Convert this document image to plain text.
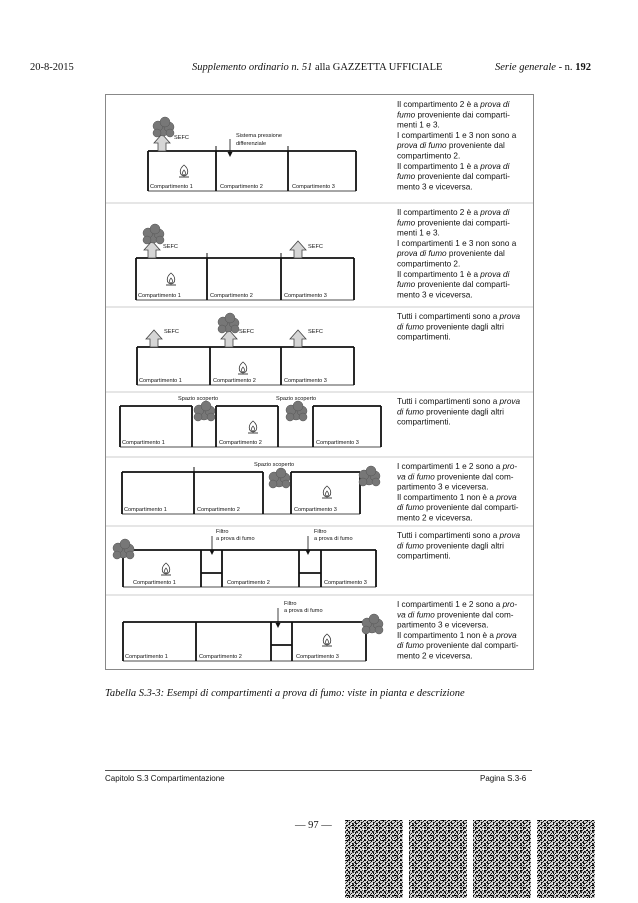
20-8-2015	Supplemento ordinario n. 51 alla GAZZETTA UFFICIALE	Serie generale - n. 192
Il compartimento 2 è a prova di
fumo proveniente dai comparti-
menti 1 e 3.
I compartimenti 1 e 3 non sono a
prova di fumo proveniente dal
compartimento 2.
Il compartimento 1 è a prova di
fumo proveniente dal comparti-
mento 3 e viceversa.
SEFC	Sistema pressione
differenziale
Compartimento 1	Compartimento 2	Compartimento 3
Il compartimento 2 è a prova di
fumo proveniente dai comparti-
menti 1 e 3.
I compartimenti 1 e 3 non sono a
prova di fumo proveniente dal
compartimento 2.
Il compartimento 1 è a prova di
fumo proveniente dal comparti-
mento 3 e viceversa.
SEFC	SEFC
Compartimento 1	Compartimento 2	Compartimento 3
Tutti i compartimenti sono a prova
di fumo proveniente dagli altri
compartimenti.
SEFC	SEFC	SEFC
Compartimento 1	Compartimento 2	Compartimento 3
Tutti i compartimenti sono a prova
di fumo proveniente dagli altri
compartimenti.
Spazio scoperto	Spazio scoperto
Compartimento 1	Compartimento 2	Compartimento 3
I compartimenti 1 e 2 sono a pro-
va di fumo proveniente dal com-
partimento 3 e viceversa.
Il compartimento 1 non è a prova
di fumo proveniente dal comparti-
mento 2 e viceversa.
Spazio scoperto
Compartimento 1	Compartimento 2	Compartimento 3
Tutti i compartimenti sono a prova
di fumo proveniente dagli altri
compartimenti.
Filtro
a prova di fumo
Filtro
a prova di fumo
Compartimento 1	Compartimento 2	Compartimento 3
I compartimenti 1 e 2 sono a pro-
va di fumo proveniente dal com-
partimento 3 e viceversa.
Il compartimento 1 non è a prova
di fumo proveniente dal comparti-
mento 2 e viceversa.
Filtro
a prova di fumo
Compartimento 1	Compartimento 2	Compartimento 3
Tabella S.3-3: Esempi di compartimenti a prova di fumo: viste in pianta e descrizione
Capitolo S.3 Compartimentazione	Pagina S.3-6
— 97 —
